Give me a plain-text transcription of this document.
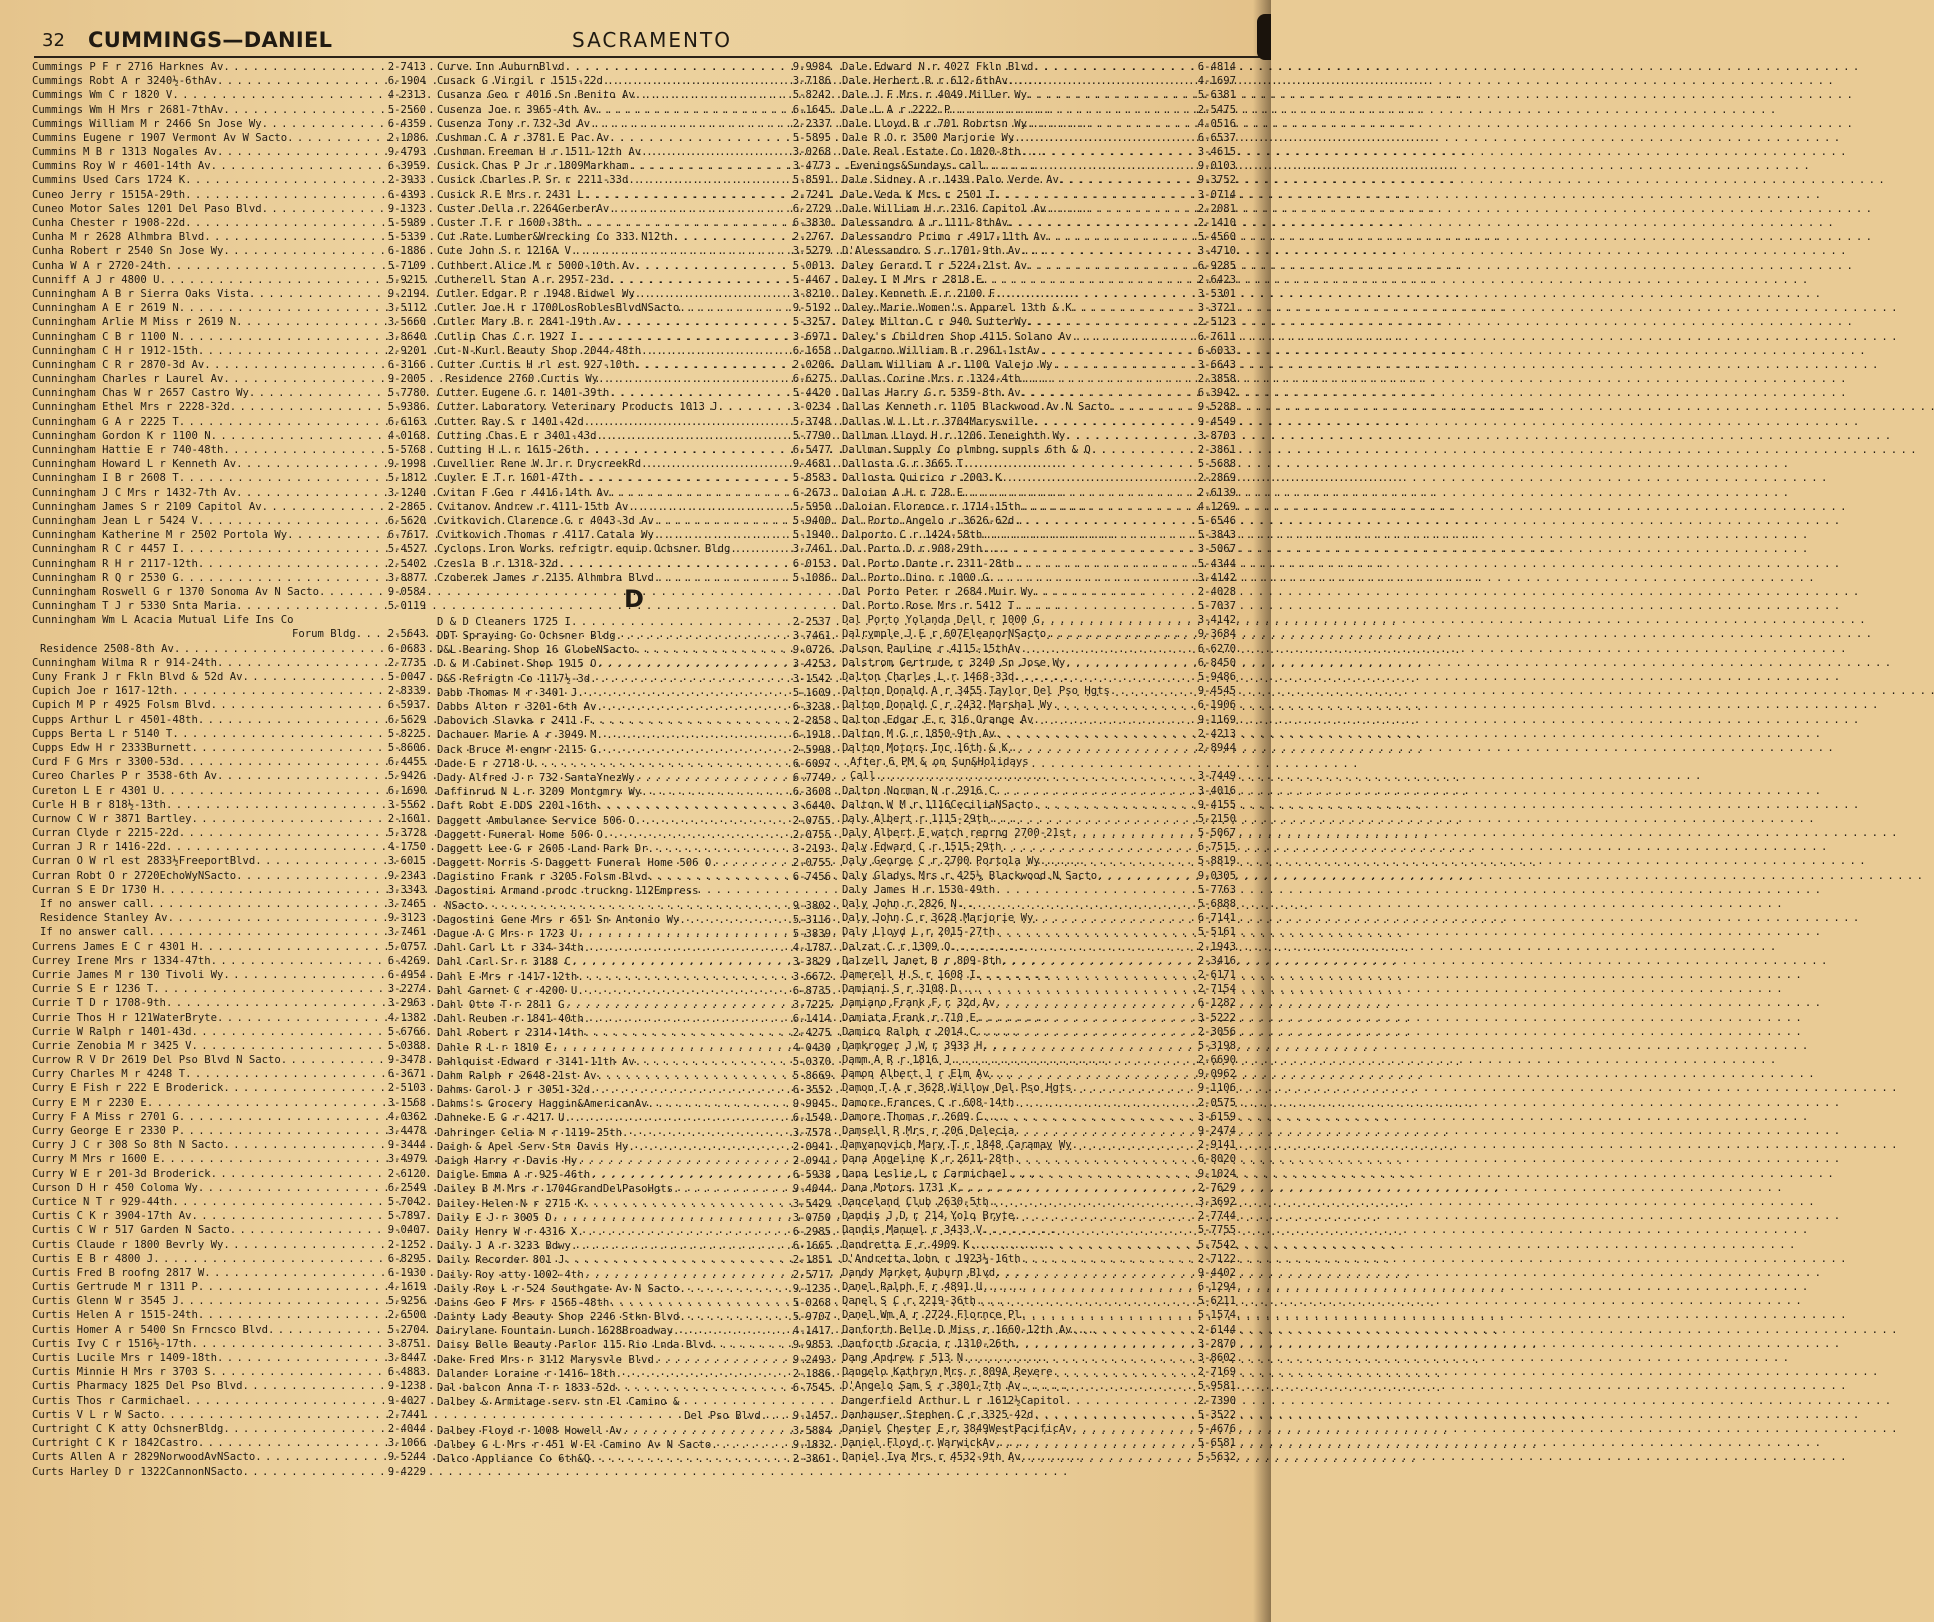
32 CUMMINGS—DANIEL	SACRAMENTO
Cummings P F r 2716 Harknes Av . . .	2-7413
Cummings Robt A r 3240½-6thAv . . .	6-1904
Cummings Wm C r 1820 V . . .	4-2313
Cummings Wm H Mrs r 2681-7thAv . . .	5-2560
Cummings William M r 2466 Sn Jose Wy . . .	6-4359
Cummins Eugene r 1907 Vermont Av W Sacto . . .	2-1086
Cummins M B r 1313 Nogales Av . . .	9-4793
Cummins Roy W r 4601-14th Av . . .	6-3959
Cummins Used Cars 1724 K . . .	2-3933
Cuneo Jerry r 1515A-29th . . .	6-4393
Cuneo Motor Sales 1201 Del Paso Blvd . . .	9-1323
Cunha Chester r 1908-22d . . .	5-5989
Cunha M r 2628 Alhmbra Blvd . . .	5-5339
Cunha Robert r 2540 Sn Jose Wy . . .	6-1886
Cunha W A r 2720-24th . . .	5-7109
Cunniff A J r 4800 U . . .	5-9215
Cunningham A B r Sierra Oaks Vista . . .	9-2194
Cunningham A E r 2619 N . . .	3-5112
Cunningham Arlie M Miss r 2619 N . . .	3-5660
Cunningham C B r 1100 N . . .	3-8640
Cunningham C H r 1912-15th . . .	2-9201
Cunningham C R r 2870-3d Av . . .	6-3166
Cunningham Charles r Laurel Av . . .	9-2005
Cunningham Chas W r 2657 Castro Wy . . .	5-7780
Cunningham Ethel Mrs r 2228-32d . . .	5-9386
Cunningham G A r 2225 T . . .	6-6163
Cunningham Gordon K r 1100 N . . .	4-0168
Cunningham Hattie E r 740-48th . . .	5-5768
Cunningham Howard L r Kenneth Av . . .	9-1998
Cunningham I B r 2608 T . . .	5-1812
Cunningham J C Mrs r 1432-7th Av . . .	3-1240
Cunningham James S r 2109 Capitol Av . . .	2-2865
Cunningham Jean L r 5424 V . . .	6-5620
Cunningham Katherine M r 2502 Portola Wy . . .	6-7617
Cunningham R C r 4457 I . . .	5-4527
Cunningham R H r 2117-12th . . .	2-5402
Cunningham R Q r 2530 G . . .	3-8877
Cunningham Roswell G r 1370 Sonoma Av N Sacto . . .	9-0584
Cunningham T J r 5330 Snta Maria . . .	5-0119
Cunningham Wm L Acacia Mutual Life Ins Co
Forum Bldg . . .	2-5643
Residence 2508-8th Av . . .	6-0683
Cunningham Wilma R r 914-24th . . .	2-7735
Cuny Frank J r Fkln Blvd & 52d Av . . .	5-0047
Cupich Joe r 1617-12th . . .	2-8339
Cupich M P r 4925 Folsm Blvd . . .	6-5937
Cupps Arthur L r 4501-48th . . .	6-5629
Cupps Berta L r 5140 T . . .	5-8225
Cupps Edw H r 2333Burnett . . .	5-8606
Curd F G Mrs r 3300-53d . . .	6-4455
Cureo Charles P r 3538-6th Av . . .	5-9426
Cureton L E r 4301 U . . .	6-1690
Curle H B r 818½-13th . . .	3-5562
Curnow C W r 3871 Bartley . . .	2-1601
Curran Clyde r 2215-22d . . .	5-3728
Curran J R r 1416-22d . . .	4-1750
Curran O W rl est 2833½FreeportBlvd . . .	3-6015
Curran Robt O r 2720EchoWyNSacto . . .	9-2343
Curran S E Dr 1730 H . . .	3-3343
If no answer call . . .	3-7465
Residence Stanley Av . . .	9-3123
If no answer call . . .	3-7461
Currens James E C r 4301 H . . .	5-0757
Currey Irene Mrs r 1334-47th . . .	6-4269
Currie James M r 130 Tivoli Wy . . .	6-4954
Currie S E r 1236 T . . .	3-2274
Currie T D r 1708-9th . . .	3-2963
Currie Thos H r 121WaterBryte . . .	4-1382
Currie W Ralph r 1401-43d . . .	5-6766
Currie Zenobia M r 3425 V . . .	5-0388
Currow R V Dr 2619 Del Pso Blvd N Sacto . . .	9-3478
Curry Charles M r 4248 T . . .	6-3671
Curry E Fish r 222 E Broderick . . .	2-5103
Curry E M r 2230 E . . .	3-1568
Curry F A Miss r 2701 G . . .	4-0362
Curry George E r 2330 P . . .	3-4478
Curry J C r 308 So 8th N Sacto . . .	9-3444
Curry M Mrs r 1600 E . . .	3-4979
Curry W E r 201-3d Broderick . . .	2-6120
Curson D H r 450 Coloma Wy . . .	6-2549
Curtice N T r 929-44th . . .	5-7042
Curtis C K r 3904-17th Av . . .	5-7897
Curtis C W r 517 Garden N Sacto . . .	9-0407
Curtis Claude r 1800 Bevrly Wy . . .	2-1252
Curtis E B r 4800 J . . .	6-8295
Curtis Fred B roofng 2817 W . . .	6-1930
Curtis Gertrude M r 1311 P . . .	4-1619
Curtis Glenn W r 3545 J . . .	5-9256
Curtis Helen A r 1515-24th . . .	2-6500
Curtis Homer A r 5400 Sn Frncsco Blvd . . .	5-2704
Curtis Ivy C r 1516½-17th . . .	3-8751
Curtis Lucile Mrs r 1409-18th . . .	3-8447
Curtis Minnie H Mrs r 3703 S . . .	6-4883
Curtis Pharmacy 1825 Del Pso Blvd . . .	9-1238
Curtis Thos r Carmichael . . .	9-4027
Curtis V L r W Sacto . . .	2-7441
Curtright C K atty OchsnerBldg . . .	2-4044
Curtright C K r 1842Castro . . .	3-1066
Curts Allen A r 2829NorwoodAvNSacto . . .	9-5244
Curts Harley D r 1322CannonNSacto . . .	9-4229
Curve Inn AuburnBlvd . . .	9-9984
Cusack G Virgil r 1515-22d . . .	3-7186
Cusanza Geo r 4016 Sn Benito Av . . .	5-8242
Cusenza Joe r 3965-4th Av . . .	6-1645
Cusenza Tony r 732-3d Av . . .	2-2337
Cushman C A r 3781 E Pac Av . . .	5-5895
Cushman Freeman H r 1511-12th Av . . .	3-0268
Cusick Chas P Jr r 1809Markham . . .	3-4773
Cusick Charles P Sr r 2211-33d . . .	5-8591
Cusick R E Mrs r 2431 L . . .	2-7241
Custer Della r 2264GerberAv . . .	6-2729
Custer T F r 1600-38th . . .	6-3830
Cut Rate Lumber&Wrecking Co 333 N12th . . .	2-2767
Cute John S r 1216A V . . .	3-5279
Cuthbert Alice M r 5000-10th Av . . .	5-0013
Cutherell Stan A r 2957-23d . . .	5-4467
Cutler Edgar P r 1948 Bidwel Wy . . .	3-8210
Cutler Joe H r 1700LosRoblesBlvdNSacto . . .	9-5192
Cutler Mary B r 2841-19th Av . . .	5-3257
Cutlip Chas C r 1927 I . . .	3-6971
Cut-N-Kurl Beauty Shop 2044-48th . . .	6-1658
Cutter Curtis H rl est 927-10th . . .	2-0206
Residence 2760 Curtis Wy . . .	6-6275
Cutter Eugene G r 1401-39th . . .	5-4420
Cutter Laboratory Veterinary Products 1013 J . . .	3-0234
Cutter Ray S r 1401-42d . . .	5-3748
Cutting Chas E r 3401-43d . . .	5-7790
Cutting H L r 1615-26th . . .	6-5477
Cuvellier Rene W Jr r DrycreekRd . . .	9-4681
Cuyler E T r 1601-47th . . .	5-8583
Cvitan F Geo r 4416-14th Av . . .	6-2673
Cvitanov Andrew r 4111-15th Av . . .	5-5950
Cvitkovich Clarence G r 4043-3d Av . . .	5-9400
Cvitkovich Thomas r 4117 Catala Wy . . .	5-1940
Cyclops Iron Works refrigtr equip Ochsner Bldg . . .	3-7461
Czesla B r 1318-32d . . .	6-0153
Czoberek James r 2135 Alhmbra Blvd . . .	5-1086
D
D & D Cleaners 1725 I . . .	2-2537
DDT Spraying Co Ochsner Bldg . . .	3-7461
D&L Bearing Shop 16 GlobeNSacto . . .	9-0726
D & M Cabinet Shop 1915 O . . .	3-4253
D&S Refrigtn Co 1117½-3d . . .	3-1542
Dabb Thomas M r 3401 J . . .	5-1609
Dabbs Alton r 3201-6th Av . . .	6-3238
Dabovich Slavka r 2411 F . . .	2-2858
Dachauer Marie A r 3949 M . . .	6-1918
Dack Bruce M engnr 2115 G . . .	2-5998
Dade E r 2718 U . . .	6-6097
Dady Alfred J r 732 SantaYnezWy . . .	6-7749
Daffinrud N L r 3209 Montgmry Wy . . .	6-3608
Daft Robt E DDS 2201-16th . . .	3-6440
Daggett Ambulance Service 506 O . . .	2-0755
Daggett Funeral Home 506 O . . .	2-0755
Daggett Lee G r 2605 Land Park Dr . . .	3-2193
Daggett Morris S Daggett Funeral Home 506 O . . .	2-0755
Dagistino Frank r 3205 Folsm Blvd . . .	6-7456
Dagostini Armand prodc truckng 112Empress
NSacto . . .	9-3802
Dagostini Gene Mrs r 651 Sn Antonio Wy . . .	5-3116
Dague A C Mrs r 1723 U . . .	5-3839
Dahl Carl Lt r 334-34th . . .	4-1787
Dahl Carl Sr r 3188 C . . .	3-3829
Dahl E Mrs r 1417-12th . . .	3-6672
Dahl Garnet C r 4200 U . . .	6-8735
Dahl Otto T r 2811 G . . .	3-7225
Dahl Reuben r 1841-40th . . .	6-1414
Dahl Robert r 2314-14th . . .	2-4275
Dahle R L r 1810 E . . .	4-0430
Dahlquist Edward r 3141-11th Av . . .	5-0370
Dahm Ralph r 2648-21st Av . . .	5-8669
Dahms Carol J r 3051-32d . . .	6-3552
Dahms's Grocery Haggin&AmericanAv . . .	9-9945
Dahneke E G r 4217 U . . .	6-1549
Dahringer Celia M r 1119-25th . . .	3-7578
Daigh & Apel Serv Stn Davis Hy . . .	2-0941
Daigh Harry r Davis Hy . . .	2-0941
Daigle Emma A r 925-46th . . .	6-5938
Dailey B M Mrs r 1704GrandDelPasoHgts . . .	9-4044
Dailey Helen N r 2715 K . . .	3-5429
Daily E J r 3005 D . . .	3-0750
Daily Henry W r 4316 X . . .	6-2985
Daily J A r 3233 Bdwy . . .	6-1665
Daily Recorder 801 J . . .	2-1851
Daily Roy atty 1002-4th . . .	2-5717
Daily Roy L r 524 Southgate Av N Sacto . . .	9-1235
Dains Geo F Mrs r 1565-48th . . .	5-0268
Dainty Lady Beauty Shop 2246 Stkn Blvd . . .	5-9707
Dairylane Fountain Lunch 1628Broadway . . .	4-1417
Daisy Belle Beauty Parlor 115 Rio Lnda Blvd . . .	9-9853
Dake Fred Mrs r 3112 Marysvle Blvd . . .	9-2493
Dalander Loraine r 1416-18th . . .	2-1886
Dal balcon Anna T r 1833-52d . . .	6-7545
Dalbey & Armitage serv stn El Camino &
Del Pso Blvd . . .	9-1457
Dalbey Floyd r 1008 Howell Av . . .	3-5884
Dalbey G L Mrs r 451 W El Camino Av N Sacto . . .	9-1832
Dalco Appliance Co 6th&Q . . .	2-3861
Dale Edward N r 4027 Fkln Blvd . . .	6-4814
Dale Herbert R r 612-6thAv . . .	4-1697
Dale J F Mrs r 4049 Miller Wy . . .	5-6381
Dale L A r 2222 P . . .	2-5475
Dale Lloyd B r 701 Robrtsn Wy . . .	4-0516
Dale R O r 3500 Marjorie Wy . . .	6-6537
Dale Real Estate Co 1020-8th . . .	3-4615
Evenings&Sundays call . . .	9-0103
Dale Sidney A r 1439 Palo Verde Av . . .	9-3752
Dale Veda K Mrs r 2501 I . . .	3-0714
Dale William H r 2316 Capitol Av . . .	2-2081
Dalessandro A r 1111-8thAv . . .	2-1410
Dalessandro Primo r 4917-11th Av . . .	5-4560
D'Alessandro S r 1701-9th Av . . .	3-4710
Daley Gerard T r 5224-21st Av . . .	6-9285
Daley I M Mrs r 2818 E . . .	2-6423
Daley Kenneth E r 2100 F . . .	3-5301
Daley Marie Women's Apparel 13th & K . . .	3-3721
Daley Milton C r 940 SutterWy . . .	2-5123
Daley's Children Shop 4115 Solano Av . . .	6-7611
Dalgarno William B r 2961-1stAv . . .	6-6033
Dallam William A r 1100 Valejo Wy . . .	3-6643
Dallas Corine Mrs r 1324-4th . . .	2-3858
Dallas Harry G r 5359-8th Av . . .	6-3942
Dallas Kenneth r 1105 Blackwood Av N Sacto . . .	9-5288
Dallas W L Lt r 3704Marysville . . .	9-4549
Dallman Lloyd H r 1206 Teneighth Wy . . .	3-8703
Dallman Supply Co plmbng suppls 6th & Q . . .	2-3861
Dallosta G r 3665 T . . .	5-5688
Dallosta Quirico r 2003 K . . .	2-2869
Daloian A H r 728 E . . .	2-6139
Daloian Florence r 1714-15th . . .	4-1269
Dal Porto Angelo r 3626-62d . . .	5-6546
Dalporto C r 1424-58th . . .	5-3843
Dal Porto D r 908-29th . . .	3-5067
Dal Porto Dante r 2311-28th . . .	5-4344
Dal Porto Dino r 1000 G . . .	3-4142
Dal Porto Peter r 2684 Muir Wy . . .	2-4028
Dal Porto Rose Mrs r 5412 T . . .	5-7037
Dal Porto Yolanda Dell r 1000 G . . .	3-4142
Dalrymple J E r 607EleanorNSacto . . .	9-3684
Dalson Pauline r 4115-15thAv . . .	6-6270
Dalstrom Gertrude r 3240 Sn Jose Wy . . .	6-8450
Dalton Charles L r 1468-33d . . .	5-9486
Dalton Donald A r 3455 Taylor Del Pso Hgts . . .	9-4545
Dalton Donald C r 2432 Marshal Wy . . .	6-1906
Dalton Edgar E r 316 Orange Av . . .	9-1169
Dalton M G r 1850-9th Av . . .	2-4213
Dalton Motors Inc 16th & K . . .	2-8944
After 6 PM & on Sun&Holidays
Call . . .	3-7449
Dalton Norman N r 2916 C . . .	3-4016
Dalton W M r 1116CeciliaNSacto . . .	9-4155
Daly Albert r 1115-29th . . .	5-2150
Daly Albert E watch reprng 2700-21st . . .	5-5067
Daly Edward C r 1515-29th . . .	6-7515
Daly George C r 2700 Portola Wy . . .	5-8819
Daly Gladys Mrs r 425½ Blackwood N Sacto . . .	9-0305
Daly James H r 1530-49th . . .	5-7763
Daly John r 2826 N . . .	5-6888
Daly John C r 3628 Marjorie Wy . . .	6-7141
Daly Lloyd L r 2015-27th . . .	5-5161
Dalzat C r 1309 O . . .	2-1943
Dalzell Janet B r 809-8th . . .	2-3416
Damerell H S r 1608 I . . .	2-6171
Damiani S r 3108 D . . .	2-7154
Damiano Frank F r 32d Av . . .	6-1282
Damiata Frank r 710 E . . .	3-5222
Damico Ralph r 2014 C . . .	2-3056
Damkroger J W r 3933 H . . .	5-3198
Damm A R r 1816 J . . .	2-6690
Damon Albert J r Elm Av . . .	9-0962
Damon T A r 3628 Willow Del Pso Hgts . . .	9-1106
Damore Frances C r 608-14th . . .	2-0575
Damore Thomas r 2609 C . . .	3-6159
Damsell R Mrs r 206 Delecia . . .	9-2474
Damyanovich Mary T r 1848 Caramay Wy . . .	2-9141
Dana Angeline K r 2611-28th . . .	6-8020
Dana Leslie L r Carmichael . . .	9-1024
Dana Motors 1731 K . . .	2-7629
Danceland Club 2630-5th . . .	3-3692
Dandis J D r 214 Yolo Bryte . . .	2-7744
Dandis Manuel r 3433 V . . .	5-7755
Dandretta E r 4909 K . . .	5-7542
D'Andretta John r 1923½-16th . . .	2-7122
Dandy Market Auburn Blvd . . .	9-4402
Danel Ralph F r 4891 U . . .	6-1294
Danel S C r 2219-36th . . .	5-6211
Danel Wm A r 2724 Flornce Pl . . .	5-1574
Danforth Belle D Miss r 1660-12th Av . . .	2-6144
Danforth Gracia r 1310-26th . . .	3-2870
Dang Andrew r 513 N . . .	3-8602
Dangelo Kathryn Mrs r 809A Revere . . .	2-7169
D'Angelo Sam S r 3801-7th Av . . .	5-9581
Dangerfield Arthur L r 1612½Capitol . . .	2-7390
Danhauser Stephen C r 3325-42d . . .	5-3522
Daniel Chester E r 3849WestPacificAv . . .	5-4676
Daniel Floyd r WarwickAv . . .	5-6581
Daniel Iva Mrs r 4532-9th Av . . .	5-5632
